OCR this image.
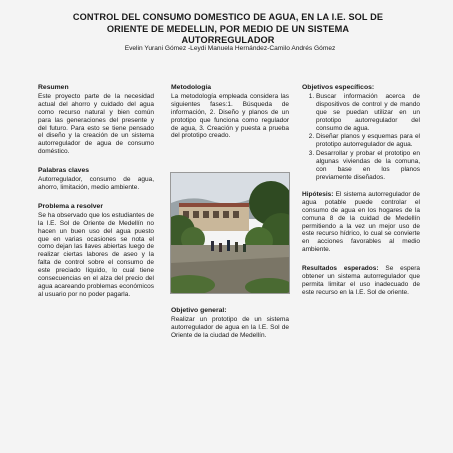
CONTROL DEL CONSUMO DOMESTICO DE AGUA, EN LA I.E. SOL DE
ORIENTE DE MEDELLIN, POR MEDIO DE UN SISTEMA AUTORREGULADOR
Evelin Yurani Gómez -Leydi Manuela Hernández-Camilo Andrés Gómez
Resumen

Este proyecto parte de la necesidad actual del ahorro y cuidado del agua como recurso natural y bien común para las generaciones del presente y del futuro. Para esto se tiene pensado el diseño y la creación de un sistema autorregulador de agua de consumo doméstico.

Palabras claves

Autorregulador, consumo de agua, ahorro, limitación, medio ambiente.

Problema a resolver

Se ha observado que los estudiantes de la I.E. Sol de Oriente de Medellín no hacen un buen uso del agua puesto que en varias ocasiones se nota el como dejan las llaves abiertas luego de realizar ciertas labores de aseo y la falta de control sobre el consumo de este preciado líquido, lo cual tiene consecuencias en el alza del precio del agua acareando problemas económicos al usuario por no poder pagarla.

Metodología

La metodología empleada considera las siguientes fases:1. Búsqueda de información, 2. Diseño y planos de un prototipo que funciona como regulador de agua, 3. Creación y puesta a prueba del prototipo creado.

Objetivo general:

Realizar un prototipo de un sistema autorregulador de agua en la I.E. Sol de Oriente de la ciudad de Medellín.

Objetivos específicos:
1. Buscar información acerca de dispositivos de control y de mando que se puedan utilizar en un prototipo autorregulador del consumo de agua.
2. Diseñar planos y esquemas para el prototipo autorregulador de agua.
3. Desarrollar y probar el prototipo en algunas viviendas de la comuna, con base en los planos previamente diseñados.

Hipótesis: El sistema autorregulador de agua potable puede controlar el consumo de agua en los hogares de la comuna 8 de la cuidad de Medellín permitiendo a la vez un mejor uso de este recurso hídrico, lo cual se convierte en acciones favorables al medio ambiente.

Resultados esperados: Se espera obtener un sistema autorregulador que permita limitar el uso inadecuado de este recurso en la I.E. Sol de oriente.
